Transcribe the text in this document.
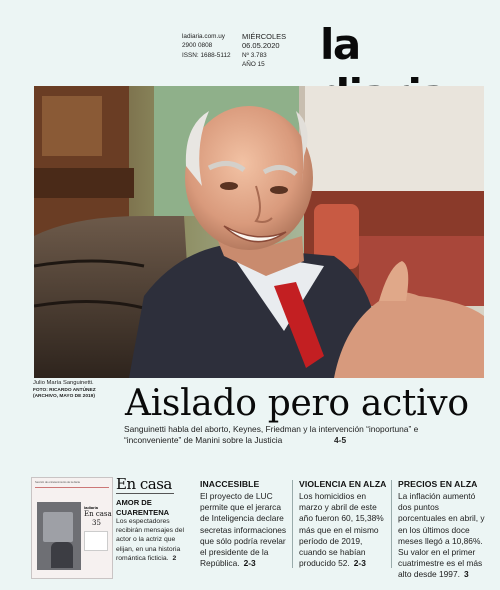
ladiaria.com.uy
2900 0808
ISSN: 1688-5112
MIÉRCOLES
06.05.2020
Nº 3.783
AÑO 15	la
Julio María Sanguinetti.
FOTO: RICARDO ANTÚNEZ (ARCHIVO, MAYO DE 2019) Aislado pero activo
Sanguinetti habla del aborto, Keynes, Friedman y la intervención “inoportuna” e “inconveniente” de Manini sobre la Justicia	4-5
Sección de entretenimiento de la diaria
ladiaria
En casa
35
En casa
AMOR DE
CUARENTENA
Los espectadores recibirán mensajes del actor o la actriz que elijan, en una historia romántica ficticia. 2
INACCESIBLE
El proyecto de LUC permite que el jerarca de Inteligencia declare secretas informaciones que sólo podría revelar el presidente de la República. 2-3
VIOLENCIA EN ALZA
Los homicidios en marzo y abril de este año fueron 60, 15,38% más que en el mismo período de 2019, cuando se habían producido 52. 2-3
PRECIOS EN ALZA
La inflación aumentó dos puntos porcentuales en abril, y en los últimos doce meses llegó a 10,86%. Su valor en el primer cuatrimestre es el más alto desde 1997. 3
